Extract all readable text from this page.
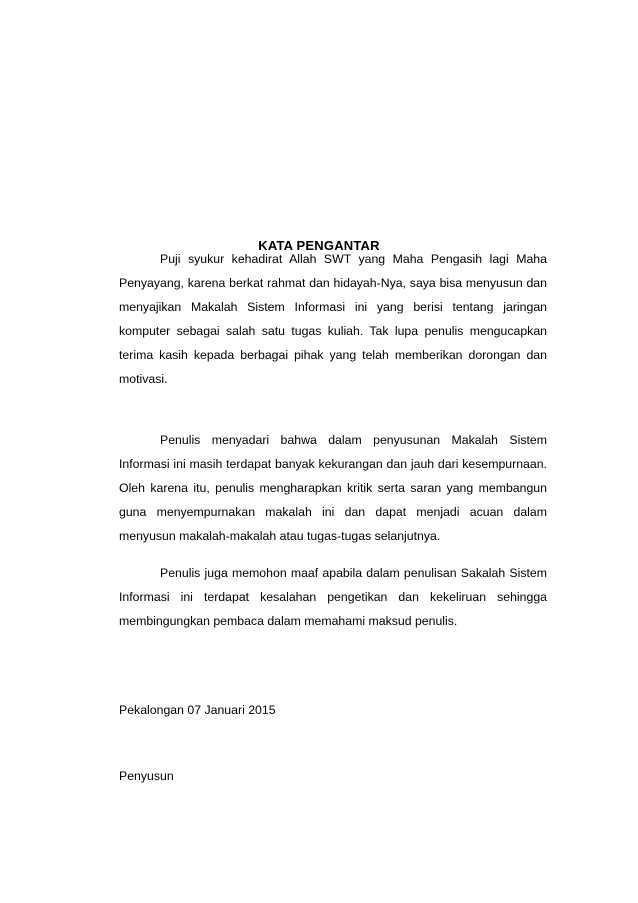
KATA PENGANTAR

Puji syukur kehadirat Allah SWT yang Maha Pengasih lagi Maha Penyayang, karena berkat rahmat dan hidayah-Nya, saya bisa menyusun dan menyajikan Makalah Sistem Informasi ini yang berisi tentang jaringan komputer sebagai salah satu tugas kuliah. Tak lupa penulis mengucapkan terima kasih kepada berbagai pihak yang telah memberikan dorongan dan motivasi.

Penulis menyadari bahwa dalam penyusunan Makalah Sistem Informasi ini masih terdapat banyak kekurangan dan jauh dari kesempurnaan. Oleh karena itu, penulis mengharapkan kritik serta saran yang membangun guna menyempurnakan makalah ini dan dapat menjadi acuan dalam menyusun makalah-makalah atau tugas-tugas selanjutnya.

Penulis juga memohon maaf apabila dalam penulisan Sakalah Sistem Informasi ini terdapat kesalahan pengetikan dan kekeliruan sehingga membingungkan pembaca dalam memahami maksud penulis.

Pekalongan 07 Januari 2015

Penyusun
